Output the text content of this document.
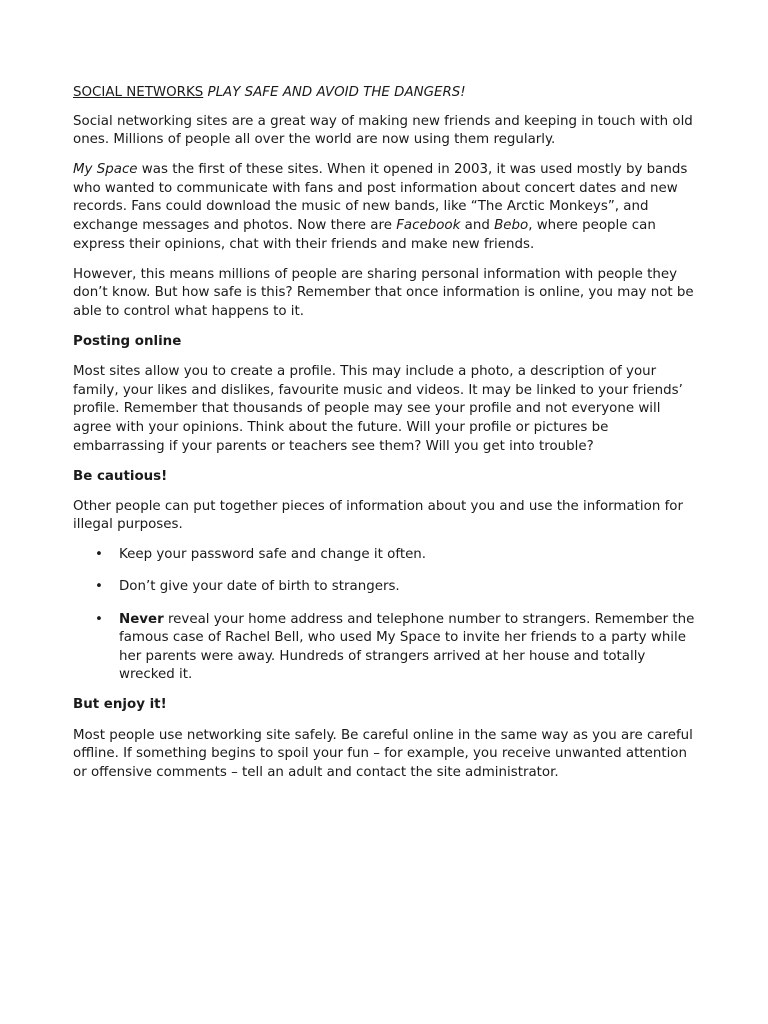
SOCIAL NETWORKS PLAY SAFE AND AVOID THE DANGERS!

Social networking sites are a great way of making new friends and keeping in touch with old ones. Millions of people all over the world are now using them regularly.

My Space was the first of these sites. When it opened in 2003, it was used mostly by bands who wanted to communicate with fans and post information about concert dates and new records. Fans could download the music of new bands, like “The Arctic Monkeys”, and exchange messages and photos. Now there are Facebook and Bebo, where people can express their opinions, chat with their friends and make new friends.

However, this means millions of people are sharing personal information with people they don’t know. But how safe is this? Remember that once information is online, you may not be able to control what happens to it.

Posting online

Most sites allow you to create a profile. This may include a photo, a description of your family, your likes and dislikes, favourite music and videos. It may be linked to your friends’ profile. Remember that thousands of people may see your profile and not everyone will agree with your opinions. Think about the future. Will your profile or pictures be embarrassing if your parents or teachers see them? Will you get into trouble?

Be cautious!

Other people can put together pieces of information about you and use the information for illegal purposes.

• Keep your password safe and change it often.
• Don’t give your date of birth to strangers.
• Never reveal your home address and telephone number to strangers. Remember the famous case of Rachel Bell, who used My Space to invite her friends to a party while her parents were away. Hundreds of strangers arrived at her house and totally wrecked it.
But enjoy it!

Most people use networking site safely. Be careful online in the same way as you are careful offline. If something begins to spoil your fun – for example, you receive unwanted attention or offensive comments – tell an adult and contact the site administrator.
